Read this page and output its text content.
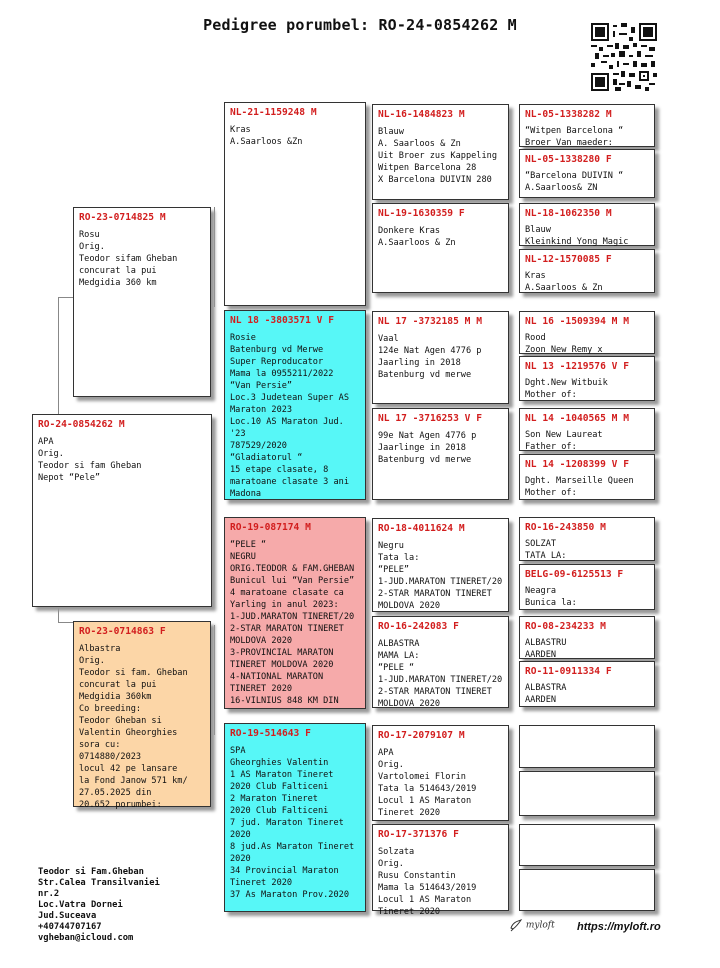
Pedigree porumbel: RO-24-0854262 M
RO-24-0854262 M
APA
Orig.
Teodor si fam Gheban
Nepot “Pele”
RO-23-0714825 M
Rosu
Orig.
Teodor sifam Gheban
concurat la pui
Medgidia 360 km
RO-23-0714863 F
Albastra
Orig.
Teodor si fam. Gheban
concurat la pui
Medgidia 360km
Co breeding:
Teodor Gheban si
Valentin Gheorghies
sora cu:
0714880/2023
locul 42 pe lansare
la Fond Janow 571 km/
27.05.2025 din
20.652 porumbei:
NL-21-1159248 M
Kras
A.Saarloos &Zn
NL 18 -3803571 V F
Rosie
Batenburg vd Merwe
Super Reproducator
Mama la 0955211/2022
“Van Persie”
Loc.3 Judetean Super AS
Maraton 2023
Loc.10 AS Maraton Jud.
'23
787529/2020
“Gladiatorul “
15 etape clasate, 8
maratoane clasate 3 ani
Madona
RO-19-087174 M
“PELE “
NEGRU
ORIG.TEODOR & FAM.GHEBAN
Bunicul lui “Van Persie”
4 maratoane clasate ca
Yarling in anul 2023:
1-JUD.MARATON TINERET/20
2-STAR MARATON TINERET
MOLDOVA 2020
3-PROVINCIAL MARATON
TINERET MOLDOVA 2020
4-NATIONAL MARATON
TINERET 2020
16-VILNIUS 848 KM DIN
RO-19-514643 F
SPA
Gheorghies Valentin
1 AS Maraton Tineret
2020 Club Falticeni
2 Maraton Tineret
2020 Club Falticeni
7 jud. Maraton Tineret
2020
8 jud.As Maraton Tineret
2020
34 Provincial Maraton
Tineret 2020
37 As Maraton Prov.2020
NL-16-1484823 M
Blauw
A. Saarloos & Zn
Uit Broer zus Kappeling
Witpen Barcelona 28
X Barcelona DUIVIN 280
NL-19-1630359 F
Donkere Kras
A.Saarloos & Zn
NL 17 -3732185 M M
Vaal
124e Nat Agen 4776 p
Jaarling in 2018
Batenburg vd merwe
NL 17 -3716253 V F
99e Nat Agen 4776 p
Jaarlinge in 2018
Batenburg vd merwe
RO-18-4011624 M
Negru
Tata la:
“PELE”
1-JUD.MARATON TINERET/20
2-STAR MARATON TINERET
MOLDOVA 2020
RO-16-242083 F
ALBASTRA
MAMA LA:
“PELE “
1-JUD.MARATON TINERET/20
2-STAR MARATON TINERET
MOLDOVA 2020
RO-17-2079107 M
APA
Orig.
Vartolomei Florin
Tata la 514643/2019
Locul 1 AS Maraton
Tineret 2020
RO-17-371376 F
Solzata
Orig.
Rusu Constantin
Mama la 514643/2019
Locul 1 AS Maraton
Tineret 2020
NL-05-1338282 M
“Witpen Barcelona “
Broer Van maeder:
NL-05-1338280 F
“Barcelona DUIVIN “
A.Saarloos& ZN
NL-18-1062350 M
Blauw
Kleinkind Yong Magic
NL-12-1570085 F
Kras
A.Saarloos & Zn
NL 16 -1509394 M M
Rood
Zoon New Remy x
NL 13 -1219576 V F
Dght.New Witbuik
Mother of:
NL 14 -1040565 M M
Son New Laureat
Father of:
NL 14 -1208399 V F
Dght. Marseille Queen
Mother of:
RO-16-243850 M
SOLZAT
TATA LA:
BELG-09-6125513 F
Neagra
Bunica la:
RO-08-234233 M
ALBASTRU
AARDEN
RO-11-0911334 F
ALBASTRA
AARDEN
Teodor si Fam.Gheban
Str.Calea Transilvaniei
nr.2
Loc.Vatra Dornei
Jud.Suceava
+40744707167
vgheban@icloud.com
myloft https://myloft.ro
